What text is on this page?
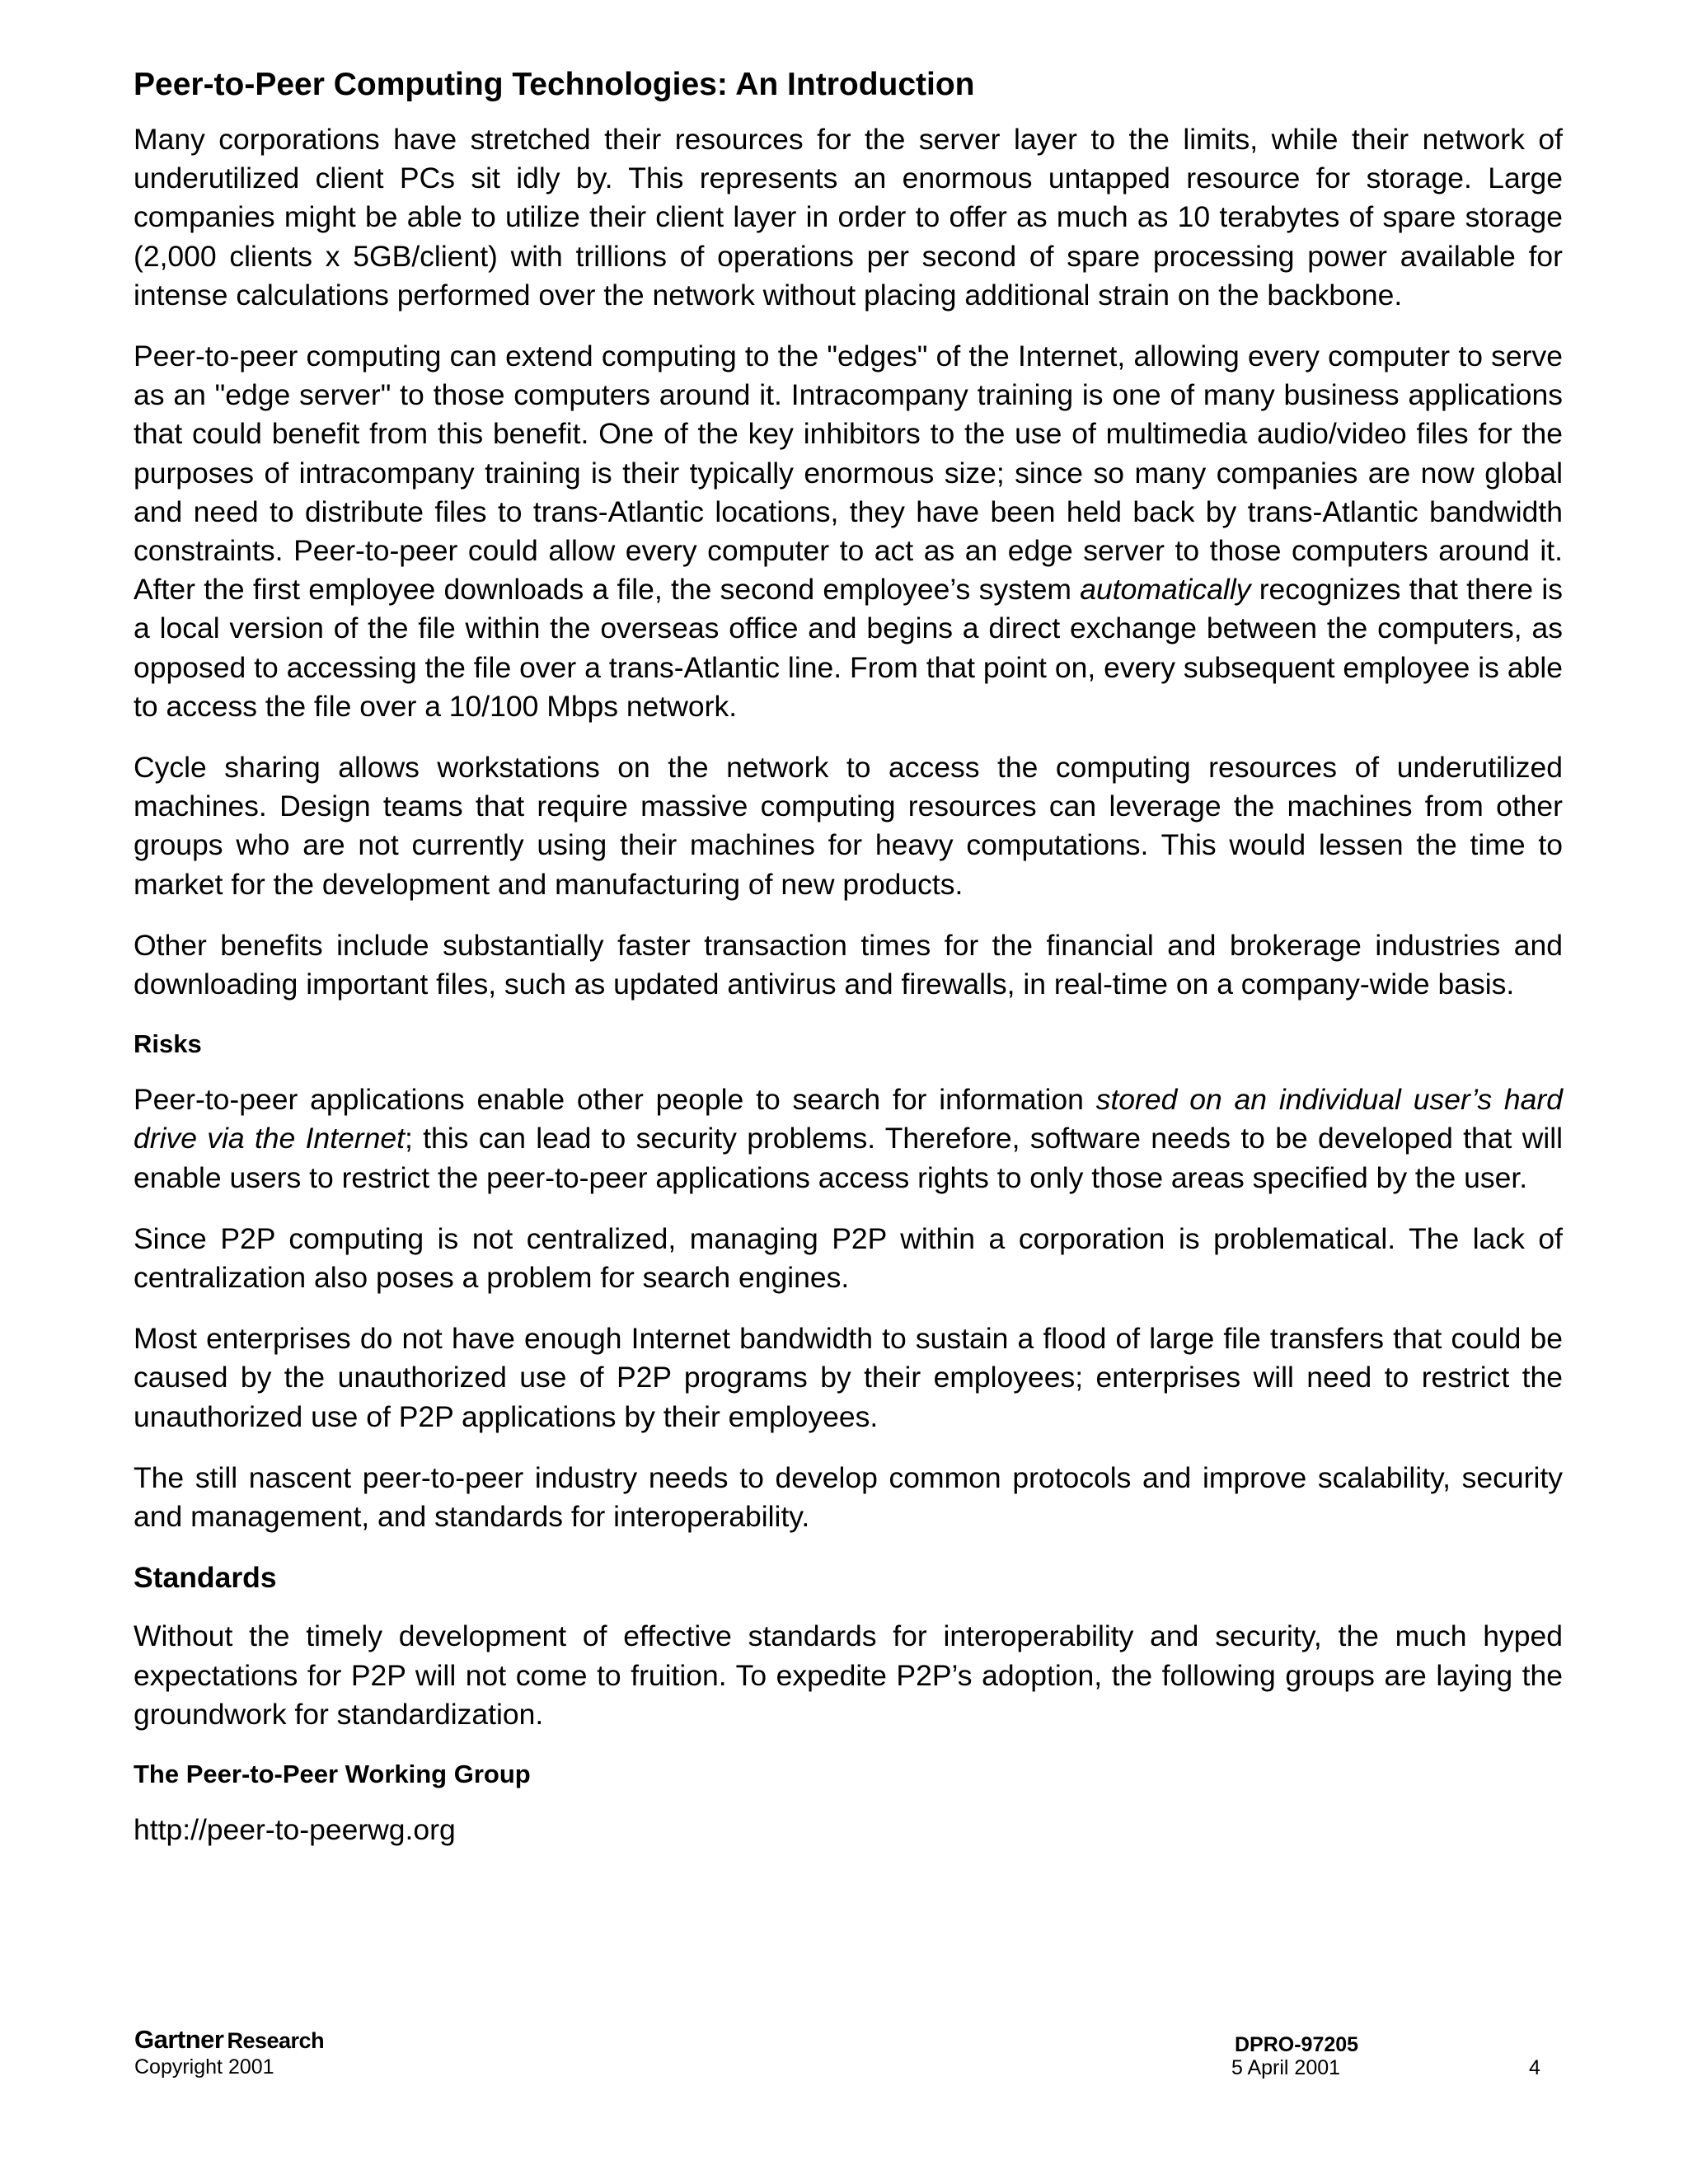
Peer-to-Peer Computing Technologies: An Introduction

Many corporations have stretched their resources for the server layer to the limits, while their network of underutilized client PCs sit idly by. This represents an enormous untapped resource for storage. Large companies might be able to utilize their client layer in order to offer as much as 10 terabytes of spare storage (2,000 clients x 5GB/client) with trillions of operations per second of spare processing power available for intense calculations performed over the network without placing additional strain on the backbone.

Peer-to-peer computing can extend computing to the "edges" of the Internet, allowing every computer to serve as an "edge server" to those computers around it. Intracompany training is one of many business applications that could benefit from this benefit. One of the key inhibitors to the use of multimedia audio/video files for the purposes of intracompany training is their typically enormous size; since so many companies are now global and need to distribute files to trans-Atlantic locations, they have been held back by trans-Atlantic bandwidth constraints. Peer-to-peer could allow every computer to act as an edge server to those computers around it. After the first employee downloads a file, the second employee’s system automatically recognizes that there is a local version of the file within the overseas office and begins a direct exchange between the computers, as opposed to accessing the file over a trans-Atlantic line. From that point on, every subsequent employee is able to access the file over a 10/100 Mbps network.

Cycle sharing allows workstations on the network to access the computing resources of underutilized machines. Design teams that require massive computing resources can leverage the machines from other groups who are not currently using their machines for heavy computations. This would lessen the time to market for the development and manufacturing of new products.

Other benefits include substantially faster transaction times for the financial and brokerage industries and downloading important files, such as updated antivirus and firewalls, in real-time on a company-wide basis.

Risks

Peer-to-peer applications enable other people to search for information stored on an individual user’s hard drive via the Internet; this can lead to security problems. Therefore, software needs to be developed that will enable users to restrict the peer-to-peer applications access rights to only those areas specified by the user.

Since P2P computing is not centralized, managing P2P within a corporation is problematical. The lack of centralization also poses a problem for search engines.

Most enterprises do not have enough Internet bandwidth to sustain a flood of large file transfers that could be caused by the unauthorized use of P2P programs by their employees; enterprises will need to restrict the unauthorized use of P2P applications by their employees.

The still nascent peer-to-peer industry needs to develop common protocols and improve scalability, security and management, and standards for interoperability.

Standards

Without the timely development of effective standards for interoperability and security, the much hyped expectations for P2P will not come to fruition. To expedite P2P’s adoption, the following groups are laying the groundwork for standardization.

The Peer-to-Peer Working Group
http://peer-to-peerwg.org
Gartner Research
Copyright 2001
DPRO-97205
5 April 2001	4
